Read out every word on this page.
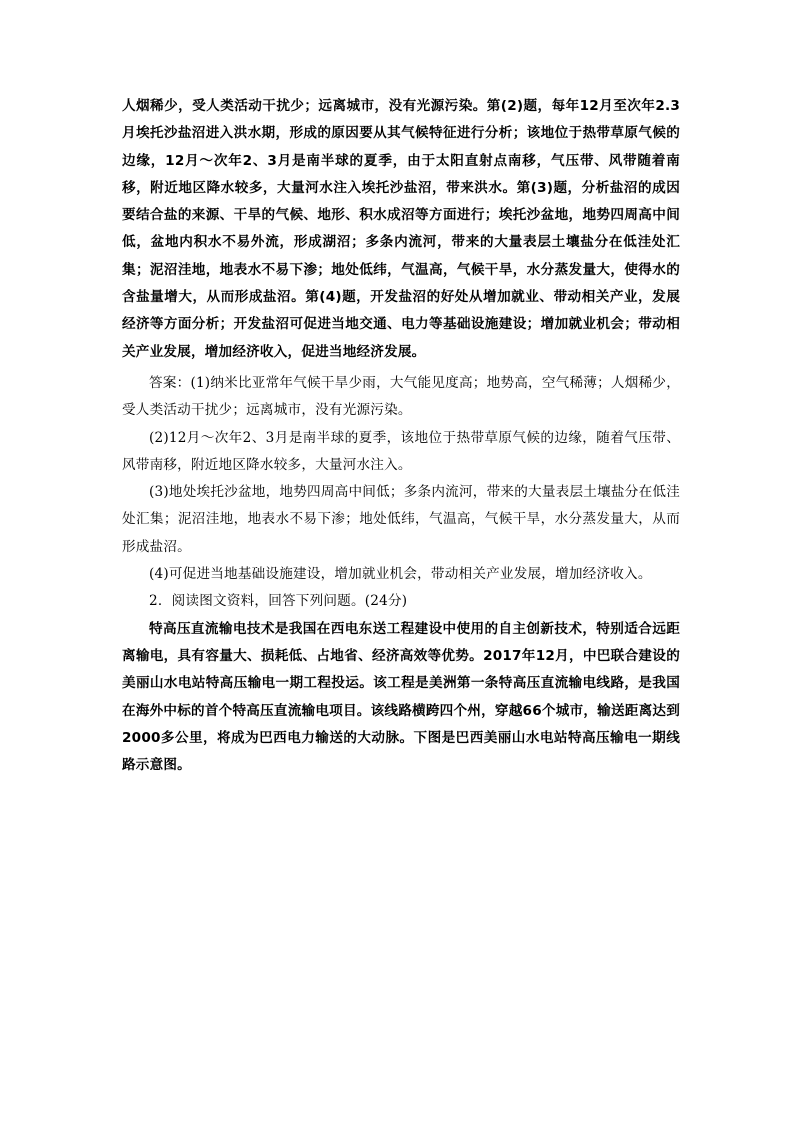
人烟稀少，受人类活动干扰少；远离城市，没有光源污染。第(2)题，每年12月至次年2.3月埃托沙盐沼进入洪水期，形成的原因要从其气候特征进行分析；该地位于热带草原气候的边缘，12月～次年2、3月是南半球的夏季，由于太阳直射点南移，气压带、风带随着南移，附近地区降水较多，大量河水注入埃托沙盐沼，带来洪水。第(3)题，分析盐沼的成因要结合盐的来源、干旱的气候、地形、积水成沼等方面进行；埃托沙盆地，地势四周高中间低，盆地内积水不易外流，形成湖沼；多条内流河，带来的大量表层土壤盐分在低洼处汇集；泥沼洼地，地表水不易下渗；地处低纬，气温高，气候干旱，水分蒸发量大，使得水的含盐量增大，从而形成盐沼。第(4)题，开发盐沼的好处从增加就业、带动相关产业，发展经济等方面分析；开发盐沼可促进当地交通、电力等基础设施建设；增加就业机会；带动相关产业发展，增加经济收入，促进当地经济发展。

答案：(1)纳米比亚常年气候干旱少雨，大气能见度高；地势高，空气稀薄；人烟稀少，受人类活动干扰少；远离城市，没有光源污染。

(2)12月～次年2、3月是南半球的夏季，该地位于热带草原气候的边缘，随着气压带、风带南移，附近地区降水较多，大量河水注入。

(3)地处埃托沙盆地，地势四周高中间低；多条内流河，带来的大量表层土壤盐分在低洼处汇集；泥沼洼地，地表水不易下渗；地处低纬，气温高，气候干旱，水分蒸发量大，从而形成盐沼。

(4)可促进当地基础设施建设，增加就业机会，带动相关产业发展，增加经济收入。

2．阅读图文资料，回答下列问题。(24分)

特高压直流输电技术是我国在西电东送工程建设中使用的自主创新技术，特别适合远距离输电，具有容量大、损耗低、占地省、经济高效等优势。2017年12月，中巴联合建设的美丽山水电站特高压输电一期工程投运。该工程是美洲第一条特高压直流输电线路，是我国在海外中标的首个特高压直流输电项目。该线路横跨四个州，穿越66个城市，输送距离达到2000多公里，将成为巴西电力输送的大动脉。下图是巴西美丽山水电站特高压输电一期线路示意图。
